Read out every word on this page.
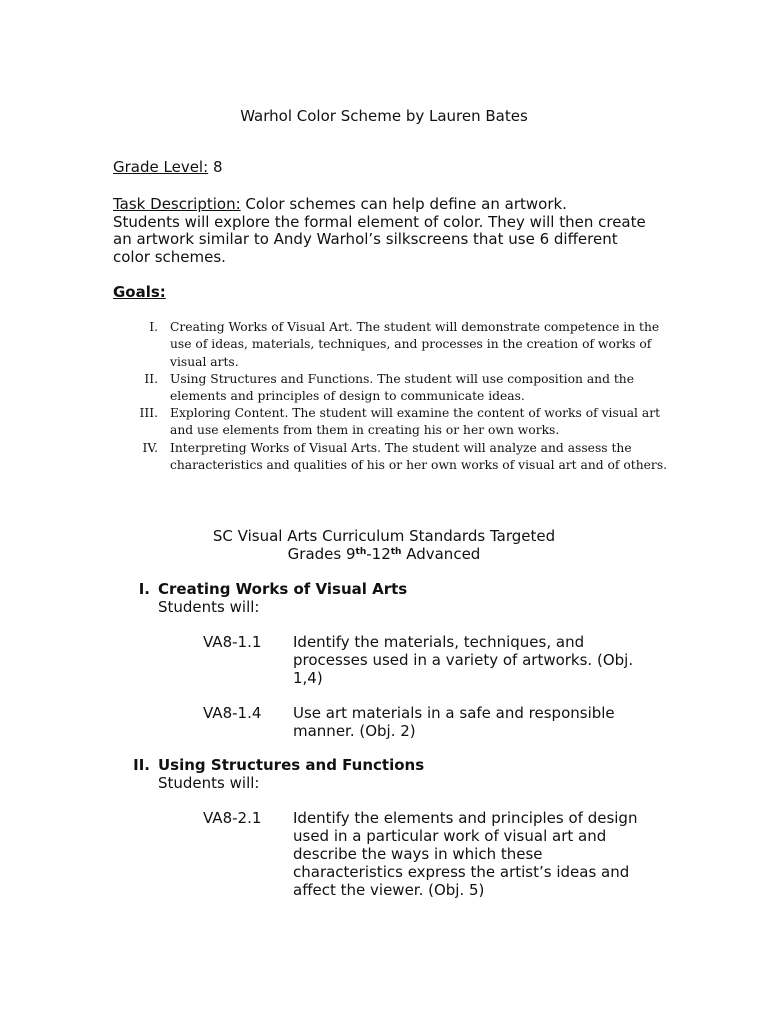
Warhol Color Scheme by Lauren Bates
Grade Level: 8
Task Description: Color schemes can help define an artwork.
Students will explore the formal element of color. They will then create
an artwork similar to Andy Warhol’s silkscreens that use 6 different
color schemes.
Goals:
I. Creating Works of Visual Art. The student will demonstrate competence in the
use of ideas, materials, techniques, and processes in the creation of works of
visual arts.
II. Using Structures and Functions. The student will use composition and the
elements and principles of design to communicate ideas.
III. Exploring Content. The student will examine the content of works of visual art
and use elements from them in creating his or her own works.
IV. Interpreting Works of Visual Arts. The student will analyze and assess the
characteristics and qualities of his or her own works of visual art and of others.
SC Visual Arts Curriculum Standards Targeted
Grades 9th-12th Advanced
I. Creating Works of Visual Arts
Students will:
VA8-1.1 Identify the materials, techniques, and
processes used in a variety of artworks. (Obj.
1,4)
VA8-1.4 Use art materials in a safe and responsible
manner. (Obj. 2)
II. Using Structures and Functions
Students will:
VA8-2.1 Identify the elements and principles of design
used in a particular work of visual art and
describe the ways in which these
characteristics express the artist’s ideas and
affect the viewer. (Obj. 5)
